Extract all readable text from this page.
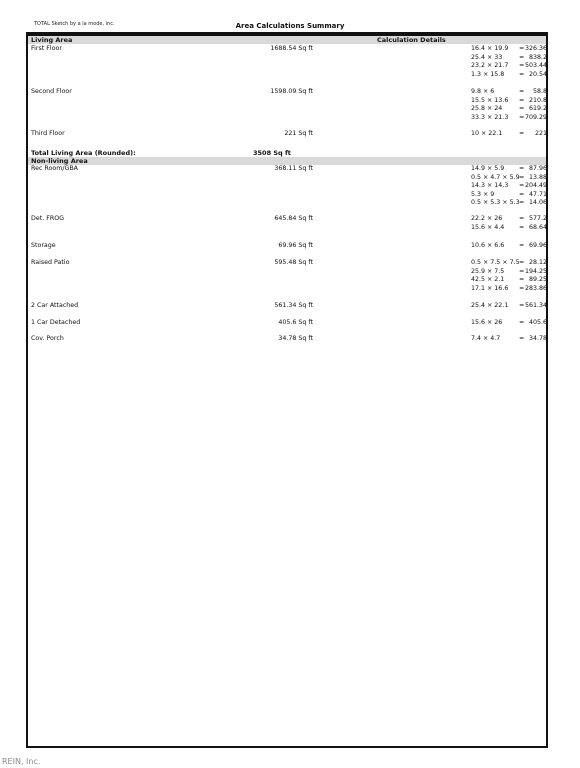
TOTAL Sketch by a la mode, inc.	Area Calculations Summary
Living Area	Calculation Details
First Floor	1688.54 Sq ft	16.4 × 19.9 = 326.36
25.4 × 33	= 838.2
23.2 × 21.7 = 503.44
1.3 × 15.8 = 20.54
Second Floor	1598.09 Sq ft	9.8 × 6	= 58.8
15.5 × 13.6 = 210.8
25.8 × 24	= 619.2
33.3 × 21.3 = 709.29
Third Floor	221 Sq ft	10 × 22.1	= 221
Total Living Area (Rounded):	3508 Sq ft
Non-living Area
Rec Room/GBA	368.11 Sq ft	14.9 × 5.9 = 87.96
0.5 × 4.7 × 5.9 = 13.88
14.3 × 14.3 = 204.49
5.3 × 9	= 47.71
0.5 × 5.3 × 5.3 = 14.06
Det. FROG	645.84 Sq ft	22.2 × 26	= 577.2
15.6 × 4.4 = 68.64
Storage	69.96 Sq ft	10.6 × 6.6 = 69.96
Raised Patio	595.48 Sq ft	0.5 × 7.5 × 7.5 = 28.12
25.9 × 7.5 = 194.25
42.5 × 2.1 = 89.25
17.1 × 16.6 = 283.86
2 Car Attached	561.34 Sq ft	25.4 × 22.1 = 561.34
1 Car Detached	405.6 Sq ft	15.6 × 26	= 405.6
Cov. Porch	34.78 Sq ft	7.4 × 4.7	= 34.78
REIN, Inc.
